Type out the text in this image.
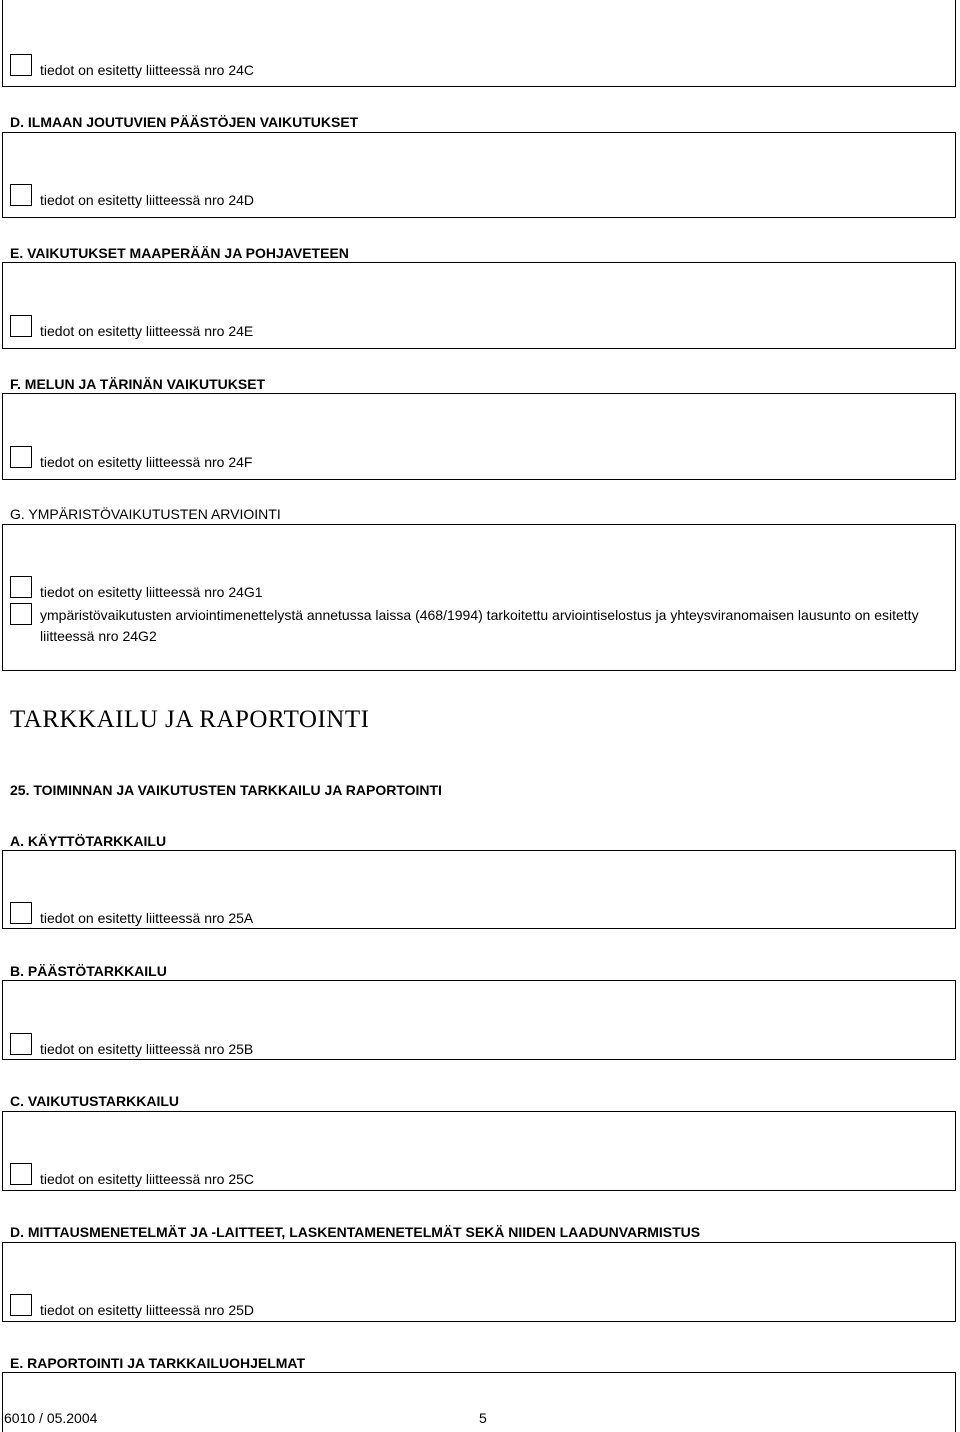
tiedot on esitetty liitteessä nro 24C
D. ILMAAN JOUTUVIEN PÄÄSTÖJEN VAIKUTUKSET
tiedot on esitetty liitteessä nro 24D
E. VAIKUTUKSET MAAPERÄÄN JA POHJAVETEEN
tiedot on esitetty liitteessä nro 24E
F. MELUN JA TÄRINÄN VAIKUTUKSET
tiedot on esitetty liitteessä nro 24F
G. YMPÄRISTÖVAIKUTUSTEN ARVIOINTI
tiedot on esitetty liitteessä nro 24G1
ympäristövaikutusten arviointimenettelystä annetussa laissa (468/1994) tarkoitettu arviointiselostus ja yhteysviranomaisen lausunto on esitetty liitteessä nro 24G2
TARKKAILU JA RAPORTOINTI
25. TOIMINNAN JA VAIKUTUSTEN TARKKAILU JA RAPORTOINTI
A. KÄYTTÖTARKKAILU
tiedot on esitetty liitteessä nro 25A
B. PÄÄSTÖTARKKAILU
tiedot on esitetty liitteessä nro 25B
C. VAIKUTUSTARKKAILU
tiedot on esitetty liitteessä nro 25C
D. MITTAUSMENETELMÄT JA -LAITTEET, LASKENTAMENETELMÄT SEKÄ NIIDEN LAADUNVARMISTUS
tiedot on esitetty liitteessä nro 25D
E. RAPORTOINTI JA TARKKAILUOHJELMAT
6010 / 05.2004	5
